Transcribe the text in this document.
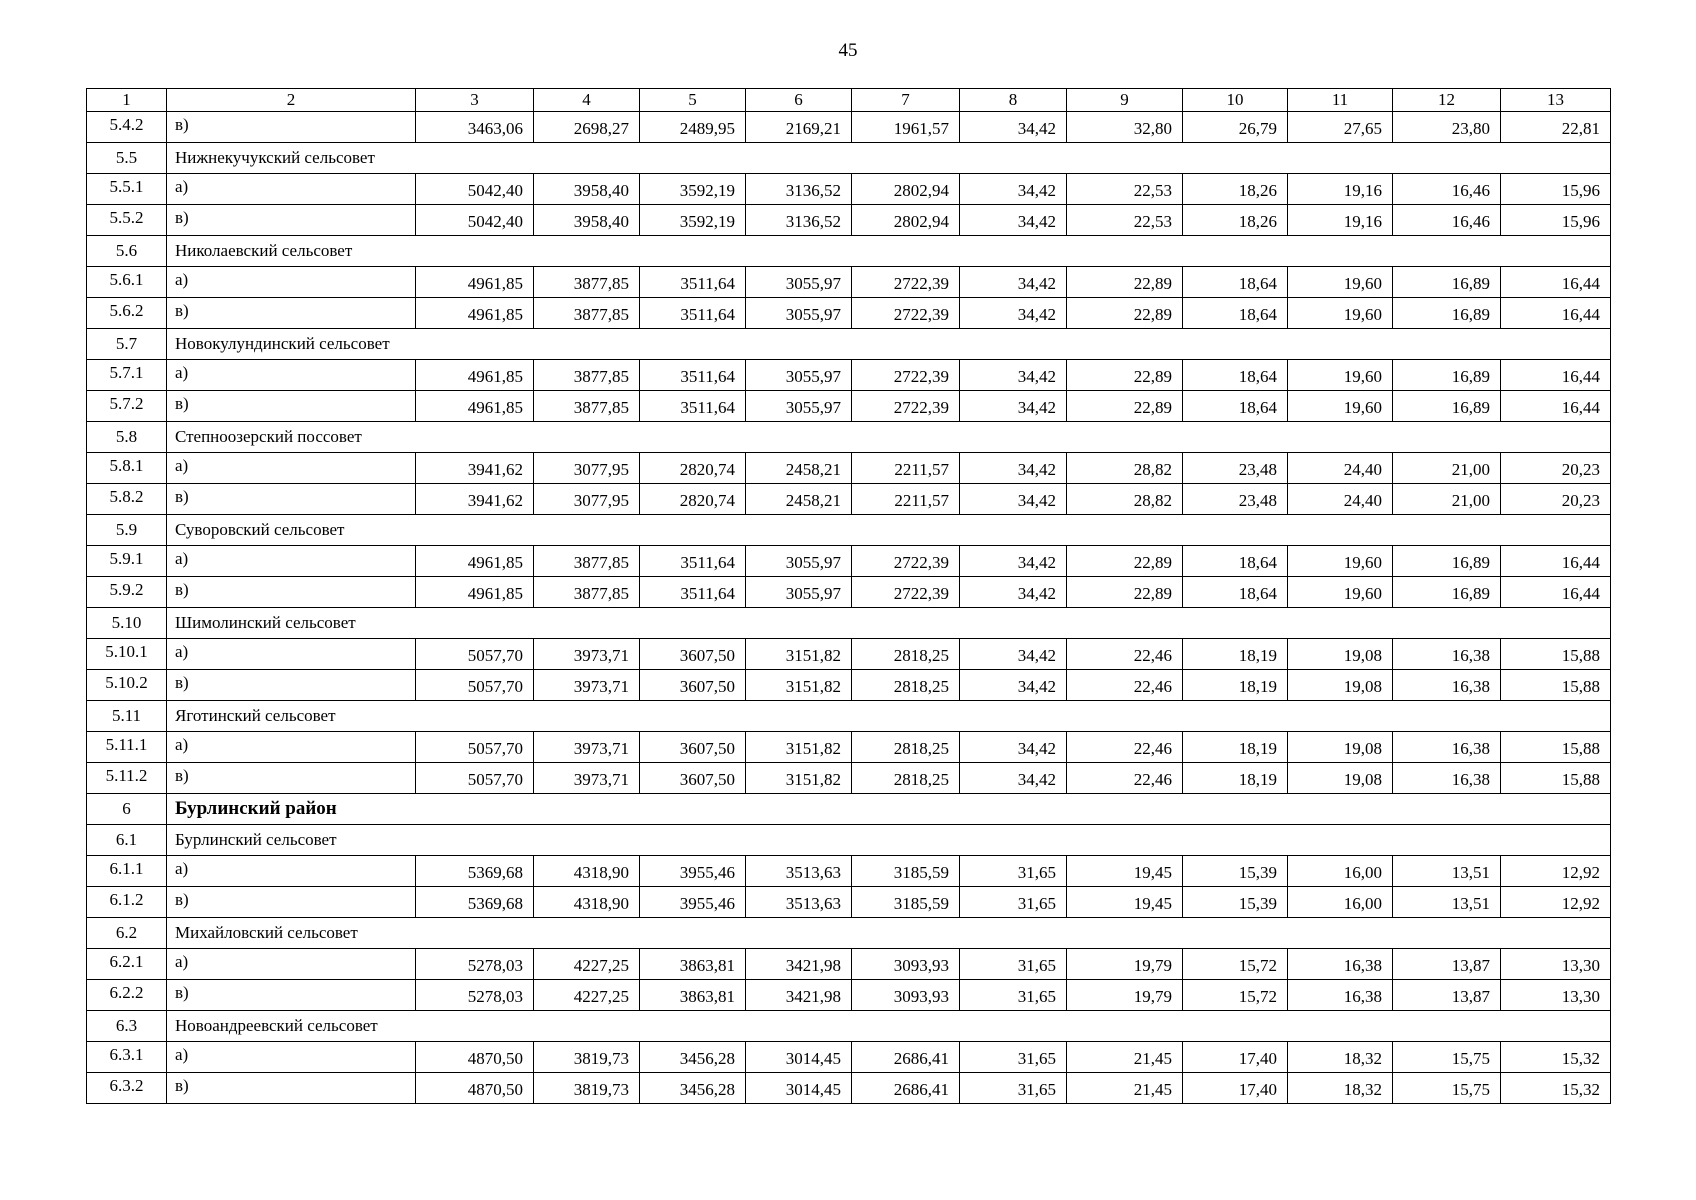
45
1	2	3	4	5	6	7	8	9	10	11	12	13
5.4.2	в)	3463,06	2698,27	2489,95	2169,21	1961,57	34,42	32,80	26,79	27,65	23,80	22,81
5.5	Нижнекучукский сельсовет											
5.5.1	а)	5042,40	3958,40	3592,19	3136,52	2802,94	34,42	22,53	18,26	19,16	16,46	15,96
5.5.2	в)	5042,40	3958,40	3592,19	3136,52	2802,94	34,42	22,53	18,26	19,16	16,46	15,96
5.6	Николаевский сельсовет											
5.6.1	а)	4961,85	3877,85	3511,64	3055,97	2722,39	34,42	22,89	18,64	19,60	16,89	16,44
5.6.2	в)	4961,85	3877,85	3511,64	3055,97	2722,39	34,42	22,89	18,64	19,60	16,89	16,44
5.7	Новокулундинский сельсовет											
5.7.1	а)	4961,85	3877,85	3511,64	3055,97	2722,39	34,42	22,89	18,64	19,60	16,89	16,44
5.7.2	в)	4961,85	3877,85	3511,64	3055,97	2722,39	34,42	22,89	18,64	19,60	16,89	16,44
5.8	Степноозерский поссовет											
5.8.1	а)	3941,62	3077,95	2820,74	2458,21	2211,57	34,42	28,82	23,48	24,40	21,00	20,23
5.8.2	в)	3941,62	3077,95	2820,74	2458,21	2211,57	34,42	28,82	23,48	24,40	21,00	20,23
5.9	Суворовский сельсовет											
5.9.1	а)	4961,85	3877,85	3511,64	3055,97	2722,39	34,42	22,89	18,64	19,60	16,89	16,44
5.9.2	в)	4961,85	3877,85	3511,64	3055,97	2722,39	34,42	22,89	18,64	19,60	16,89	16,44
5.10	Шимолинский сельсовет											
5.10.1	а)	5057,70	3973,71	3607,50	3151,82	2818,25	34,42	22,46	18,19	19,08	16,38	15,88
5.10.2	в)	5057,70	3973,71	3607,50	3151,82	2818,25	34,42	22,46	18,19	19,08	16,38	15,88
5.11	Яготинский сельсовет											
5.11.1	а)	5057,70	3973,71	3607,50	3151,82	2818,25	34,42	22,46	18,19	19,08	16,38	15,88
5.11.2	в)	5057,70	3973,71	3607,50	3151,82	2818,25	34,42	22,46	18,19	19,08	16,38	15,88
6	Бурлинский район											
6.1	Бурлинский сельсовет											
6.1.1	а)	5369,68	4318,90	3955,46	3513,63	3185,59	31,65	19,45	15,39	16,00	13,51	12,92
6.1.2	в)	5369,68	4318,90	3955,46	3513,63	3185,59	31,65	19,45	15,39	16,00	13,51	12,92
6.2	Михайловский сельсовет											
6.2.1	а)	5278,03	4227,25	3863,81	3421,98	3093,93	31,65	19,79	15,72	16,38	13,87	13,30
6.2.2	в)	5278,03	4227,25	3863,81	3421,98	3093,93	31,65	19,79	15,72	16,38	13,87	13,30
6.3	Новоандреевский сельсовет											
6.3.1	а)	4870,50	3819,73	3456,28	3014,45	2686,41	31,65	21,45	17,40	18,32	15,75	15,32
6.3.2	в)	4870,50	3819,73	3456,28	3014,45	2686,41	31,65	21,45	17,40	18,32	15,75	15,32
